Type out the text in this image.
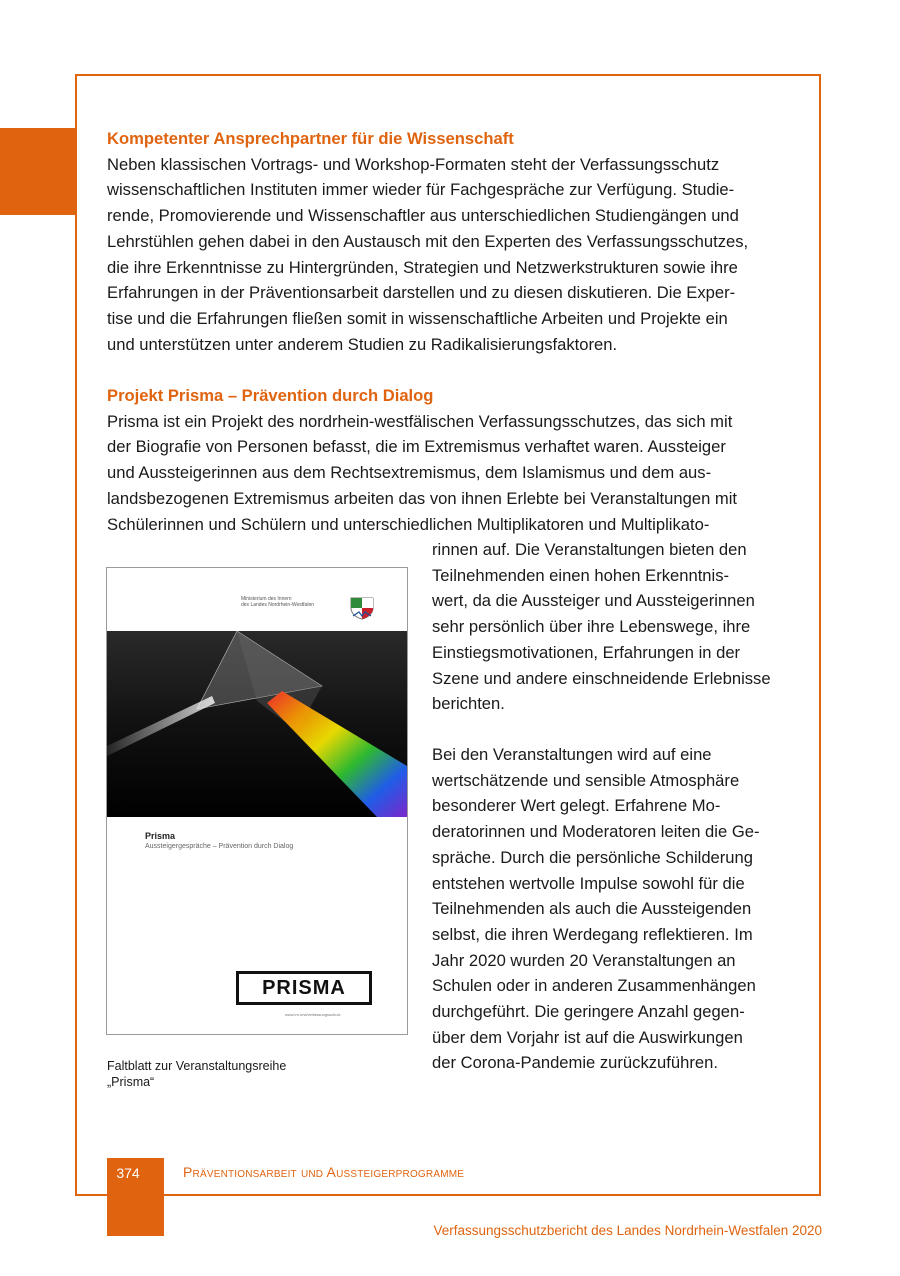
Kompetenter Ansprechpartner für die Wissenschaft
Neben klassischen Vortrags- und Workshop-Formaten steht der Verfassungsschutz
wissenschaftlichen Instituten immer wieder für Fachgespräche zur Verfügung. Studie-
rende, Promovierende und Wissenschaftler aus unterschiedlichen Studiengängen und
Lehrstühlen gehen dabei in den Austausch mit den Experten des Verfassungsschutzes,
die ihre Erkenntnisse zu Hintergründen, Strategien und Netzwerkstrukturen sowie ihre
Erfahrungen in der Präventionsarbeit darstellen und zu diesen diskutieren. Die Exper-
tise und die Erfahrungen fließen somit in wissenschaftliche Arbeiten und Projekte ein
und unterstützen unter anderem Studien zu Radikalisierungsfaktoren.
Projekt Prisma – Prävention durch Dialog
Prisma ist ein Projekt des nordrhein-westfälischen Verfassungsschutzes, das sich mit
der Biografie von Personen befasst, die im Extremismus verhaftet waren. Aussteiger
und Aussteigerinnen aus dem Rechtsextremismus, dem Islamismus und dem aus-
landsbezogenen Extremismus arbeiten das von ihnen Erlebte bei Veranstaltungen mit
Schülerinnen und Schülern und unterschiedlichen Multiplikatoren und Multiplikato-
rinnen auf. Die Veranstaltungen bieten den
Teilnehmenden einen hohen Erkenntnis-
wert, da die Aussteiger und Aussteigerinnen
sehr persönlich über ihre Lebenswege, ihre
Einstiegsmotivationen, Erfahrungen in der
Szene und andere einschneidende Erlebnisse
berichten.
Bei den Veranstaltungen wird auf eine
wertschätzende und sensible Atmosphäre
besonderer Wert gelegt. Erfahrene Mo-
deratorinnen und Moderatoren leiten die Ge-
spräche. Durch die persönliche Schilderung
entstehen wertvolle Impulse sowohl für die
Teilnehmenden als auch die Aussteigenden
selbst, die ihren Werdegang reflektieren. Im
Jahr 2020 wurden 20 Veranstaltungen an
Schulen oder in anderen Zusammenhängen
durchgeführt. Die geringere Anzahl gegen-
über dem Vorjahr ist auf die Auswirkungen
der Corona-Pandemie zurückzuführen.
Ministerium des Innern
des Landes Nordrhein-Westfalen
Prisma
Aussteigergespräche – Prävention durch Dialog
PRISMA
www.im.nrw/verfassungsschutz
Faltblatt zur Veranstaltungsreihe
„Prisma“
374	Präventionsarbeit und Aussteigerprogramme
Verfassungsschutzbericht des Landes Nordrhein-Westfalen 2020
